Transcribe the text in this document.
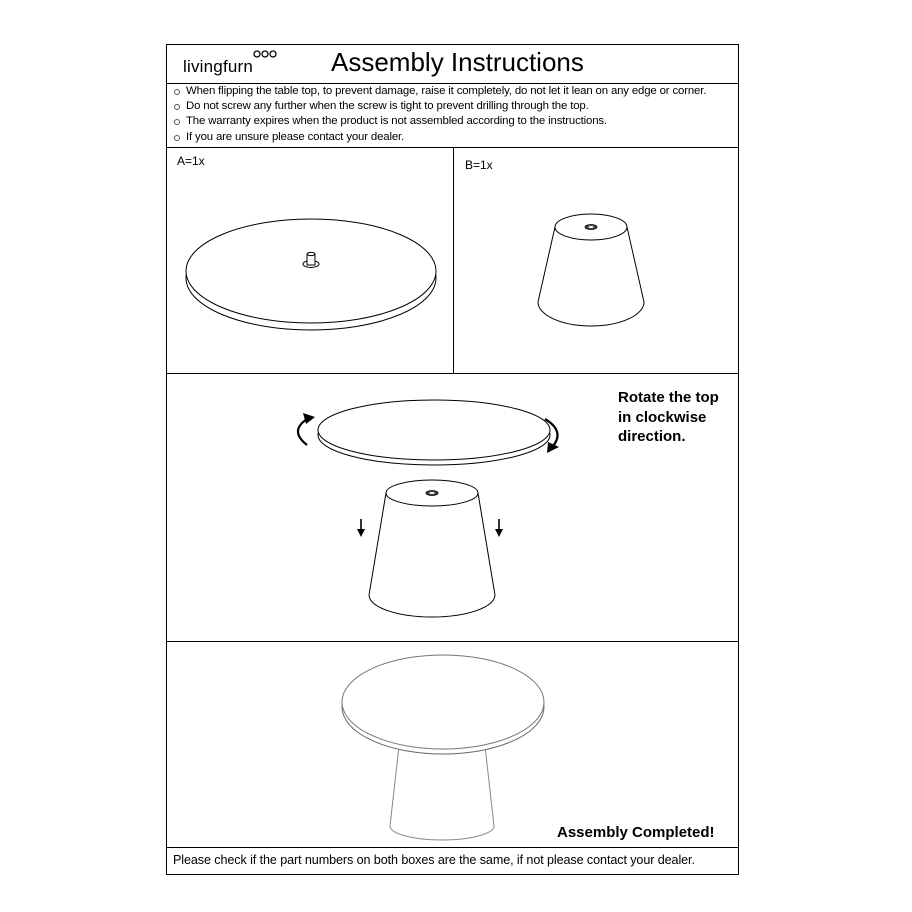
livingfurn	Assembly Instructions
When flipping the table top, to prevent damage, raise it completely, do not let it lean on any edge or corner.
Do not screw any further when the screw is tight to prevent drilling through the top.
The warranty expires when the product is not assembled according to the instructions.
If you are unsure please contact your dealer.
A=1x	B=1x
Rotate the top
in clockwise
direction.
Assembly Completed!
Please check if the part numbers on both boxes are the same, if not please contact your dealer.
